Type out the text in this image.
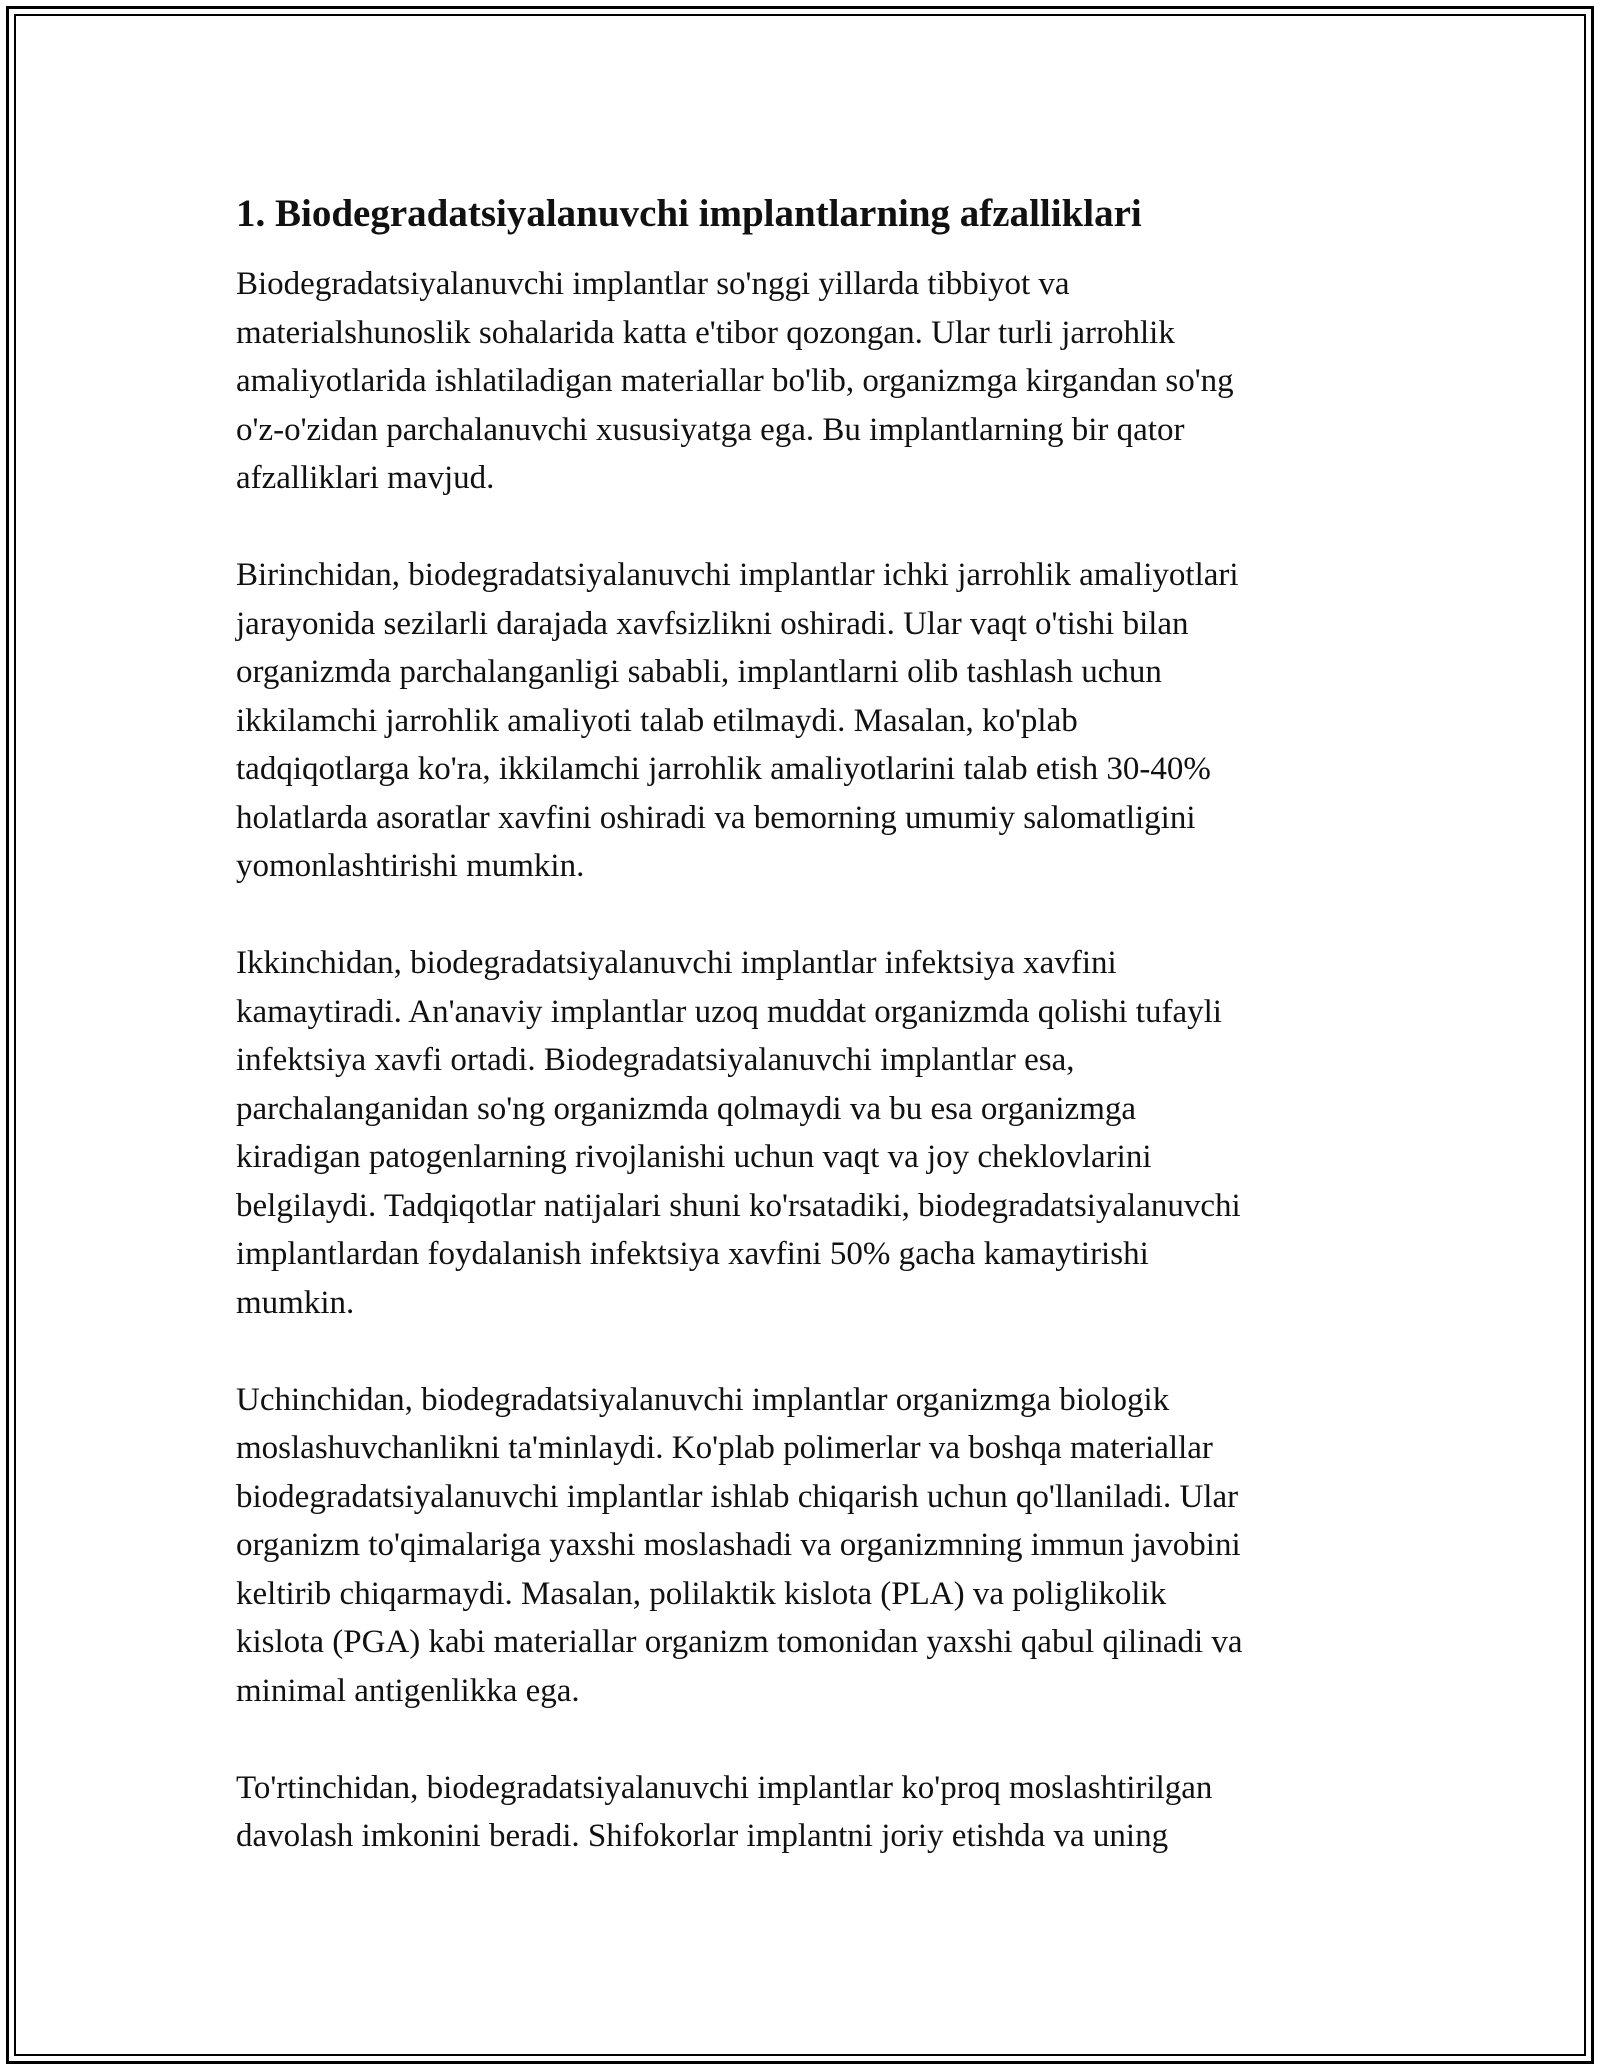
1. Biodegradatsiyalanuvchi implantlarning afzalliklari

Biodegradatsiyalanuvchi implantlar so'nggi yillarda tibbiyot va
materialshunoslik sohalarida katta e'tibor qozongan. Ular turli jarrohlik
amaliyotlarida ishlatiladigan materiallar bo'lib, organizmga kirgandan so'ng
o'z-o'zidan parchalanuvchi xususiyatga ega. Bu implantlarning bir qator
afzalliklari mavjud.

Birinchidan, biodegradatsiyalanuvchi implantlar ichki jarrohlik amaliyotlari
jarayonida sezilarli darajada xavfsizlikni oshiradi. Ular vaqt o'tishi bilan
organizmda parchalanganligi sababli, implantlarni olib tashlash uchun
ikkilamchi jarrohlik amaliyoti talab etilmaydi. Masalan, ko'plab
tadqiqotlarga ko'ra, ikkilamchi jarrohlik amaliyotlarini talab etish 30-40%
holatlarda asoratlar xavfini oshiradi va bemorning umumiy salomatligini
yomonlashtirishi mumkin.

Ikkinchidan, biodegradatsiyalanuvchi implantlar infektsiya xavfini
kamaytiradi. An'anaviy implantlar uzoq muddat organizmda qolishi tufayli
infektsiya xavfi ortadi. Biodegradatsiyalanuvchi implantlar esa,
parchalanganidan so'ng organizmda qolmaydi va bu esa organizmga
kiradigan patogenlarning rivojlanishi uchun vaqt va joy cheklovlarini
belgilaydi. Tadqiqotlar natijalari shuni ko'rsatadiki, biodegradatsiyalanuvchi
implantlardan foydalanish infektsiya xavfini 50% gacha kamaytirishi
mumkin.

Uchinchidan, biodegradatsiyalanuvchi implantlar organizmga biologik
moslashuvchanlikni ta'minlaydi. Ko'plab polimerlar va boshqa materiallar
biodegradatsiyalanuvchi implantlar ishlab chiqarish uchun qo'llaniladi. Ular
organizm to'qimalariga yaxshi moslashadi va organizmning immun javobini
keltirib chiqarmaydi. Masalan, polilaktik kislota (PLA) va poliglikolik
kislota (PGA) kabi materiallar organizm tomonidan yaxshi qabul qilinadi va
minimal antigenlikka ega.

To'rtinchidan, biodegradatsiyalanuvchi implantlar ko'proq moslashtirilgan
davolash imkonini beradi. Shifokorlar implantni joriy etishda va uning
